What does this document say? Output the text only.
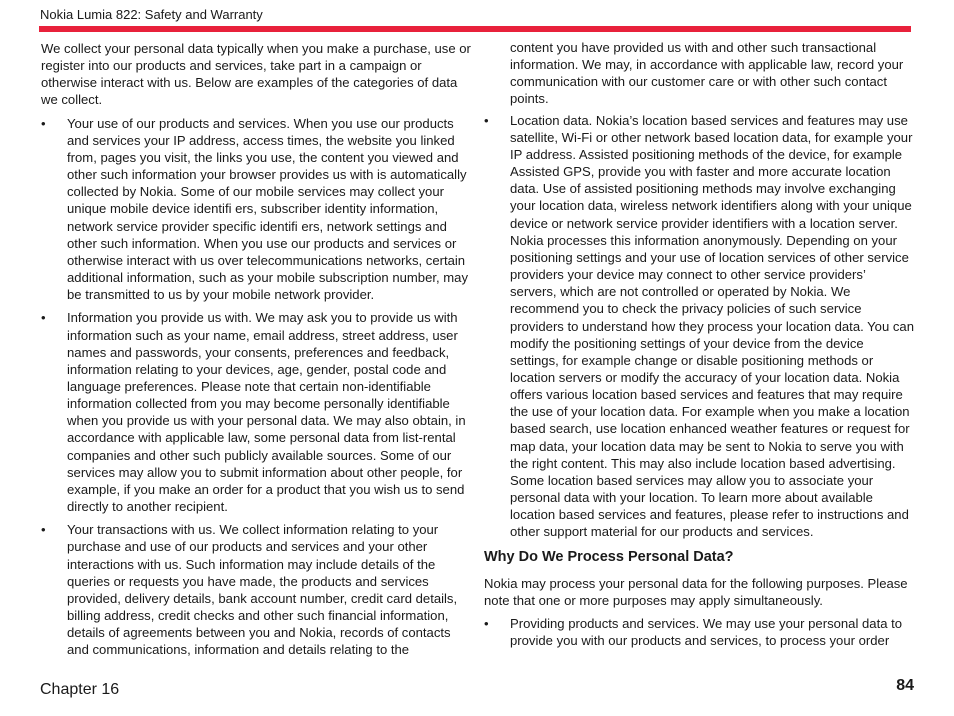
Nokia Lumia 822: Safety and Warranty

We collect your personal data typically when you make a purchase, use or register into our products and services, take part in a campaign or otherwise interact with us. Below are examples of the categories of data we collect.

•	Your use of our products and services. When you use our products and services your IP address, access times, the website you linked from, pages you visit, the links you use, the content you viewed and other such information your browser provides us with is automatically collected by Nokia. Some of our mobile services may collect your unique mobile device identifi ers, subscriber identity information, network service provider specific identifi ers, network settings and other such information. When you use our products and services or otherwise interact with us over telecommunications networks, certain additional information, such as your mobile subscription number, may be transmitted to us by your mobile network provider.
•	Information you provide us with. We may ask you to provide us with information such as your name, email address, street address, user names and passwords, your consents, preferences and feedback, information relating to your devices, age, gender, postal code and language preferences. Please note that certain non-identifiable information collected from you may become personally identifiable when you provide us with your personal data. We may also obtain, in accordance with applicable law, some personal data from list-rental companies and other such publicly available sources. Some of our services may allow you to submit information about other people, for example, if you make an order for a product that you wish us to send directly to another recipient.
•	Your transactions with us. We collect information relating to your purchase and use of our products and services and your other interactions with us. Such information may include details of the queries or requests you have made, the products and services provided, delivery details, bank account number, credit card details, billing address, credit checks and other such financial information, details of agreements between you and Nokia, records of contacts and communications, information and details relating to the
content you have provided us with and other such transactional information. We may, in accordance with applicable law, record your communication with our customer care or with other such contact points.
•	Location data. Nokia’s location based services and features may use satellite, Wi-Fi or other network based location data, for example your IP address. Assisted positioning methods of the device, for example Assisted GPS, provide you with faster and more accurate location data. Use of assisted positioning methods may involve exchanging your location data, wireless network identifiers along with your unique device or network service provider identifiers with a location server. Nokia processes this information anonymously. Depending on your positioning settings and your use of location services of other service providers your device may connect to other service providers’ servers, which are not controlled or operated by Nokia. We recommend you to check the privacy policies of such service providers to understand how they process your location data. You can modify the positioning settings of your device from the device settings, for example change or disable positioning methods or location servers or modify the accuracy of your location data. Nokia offers various location based services and features that may require the use of your location data. For example when you make a location based search, use location enhanced weather features or request for map data, your location data may be sent to Nokia to serve you with the right content. This may also include location based advertising. Some location based services may allow you to associate your personal data with your location. To learn more about available location based services and features, please refer to instructions and other support material for our products and services.
Why Do We Process Personal Data?

Nokia may process your personal data for the following purposes. Please note that one or more purposes may apply simultaneously.

•	Providing products and services. We may use your personal data to provide you with our products and services, to process your order
Chapter 16	84
